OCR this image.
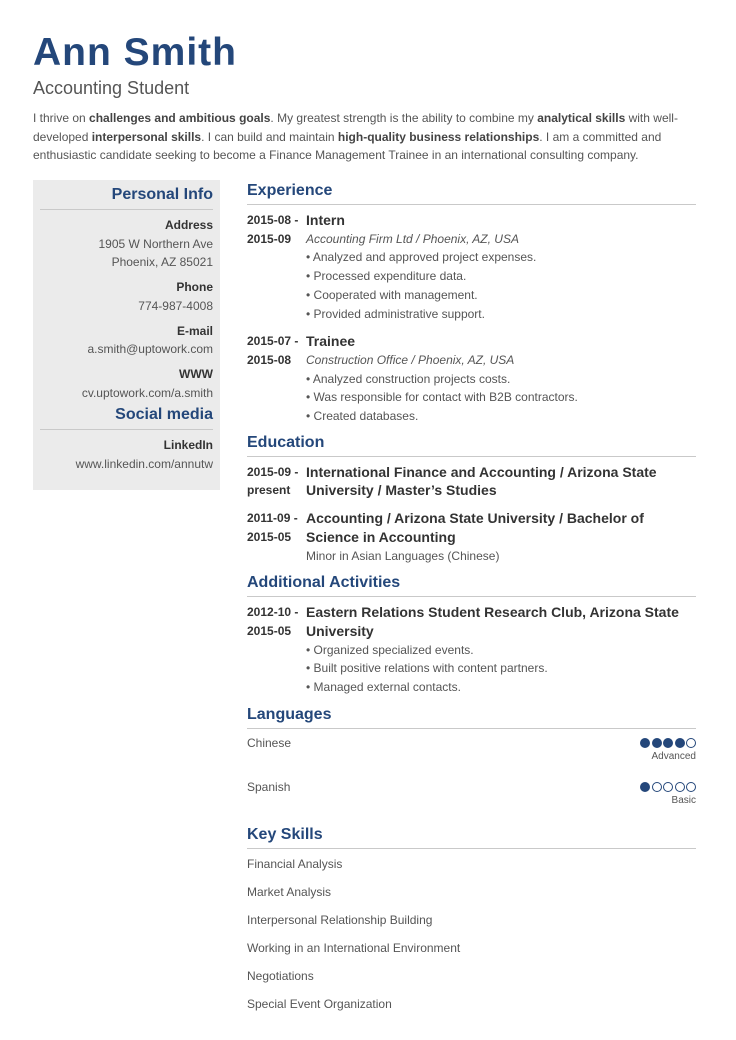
Ann Smith
Accounting Student
I thrive on challenges and ambitious goals. My greatest strength is the ability to combine my analytical skills with well-developed interpersonal skills. I can build and maintain high-quality business relationships. I am a committed and enthusiastic candidate seeking to become a Finance Management Trainee in an international consulting company.
Personal Info
Address
1905 W Northern Ave
Phoenix, AZ 85021
Phone
774-987-4008
E-mail
a.smith@uptowork.com
WWW
cv.uptowork.com/a.smith
Social media
LinkedIn
www.linkedin.com/annutw
Experience
2015-08 -
2015-09
Intern
Accounting Firm Ltd / Phoenix, AZ, USA
• Analyzed and approved project expenses.
• Processed expenditure data.
• Cooperated with management.
• Provided administrative support.
2015-07 -
2015-08
Trainee
Construction Office / Phoenix, AZ, USA
• Analyzed construction projects costs.
• Was responsible for contact with B2B contractors.
• Created databases.
Education
2015-09 -
present
International Finance and Accounting / Arizona State University / Master’s Studies
2011-09 -
2015-05
Accounting / Arizona State University / Bachelor of Science in Accounting
Minor in Asian Languages (Chinese)
Additional Activities
2012-10 -
2015-05
Eastern Relations Student Research Club, Arizona State University
• Organized specialized events.
• Built positive relations with content partners.
• Managed external contacts.
Languages
Chinese
Advanced
Spanish
Basic
Key Skills
Financial Analysis
Market Analysis
Interpersonal Relationship Building
Working in an International Environment
Negotiations
Special Event Organization
